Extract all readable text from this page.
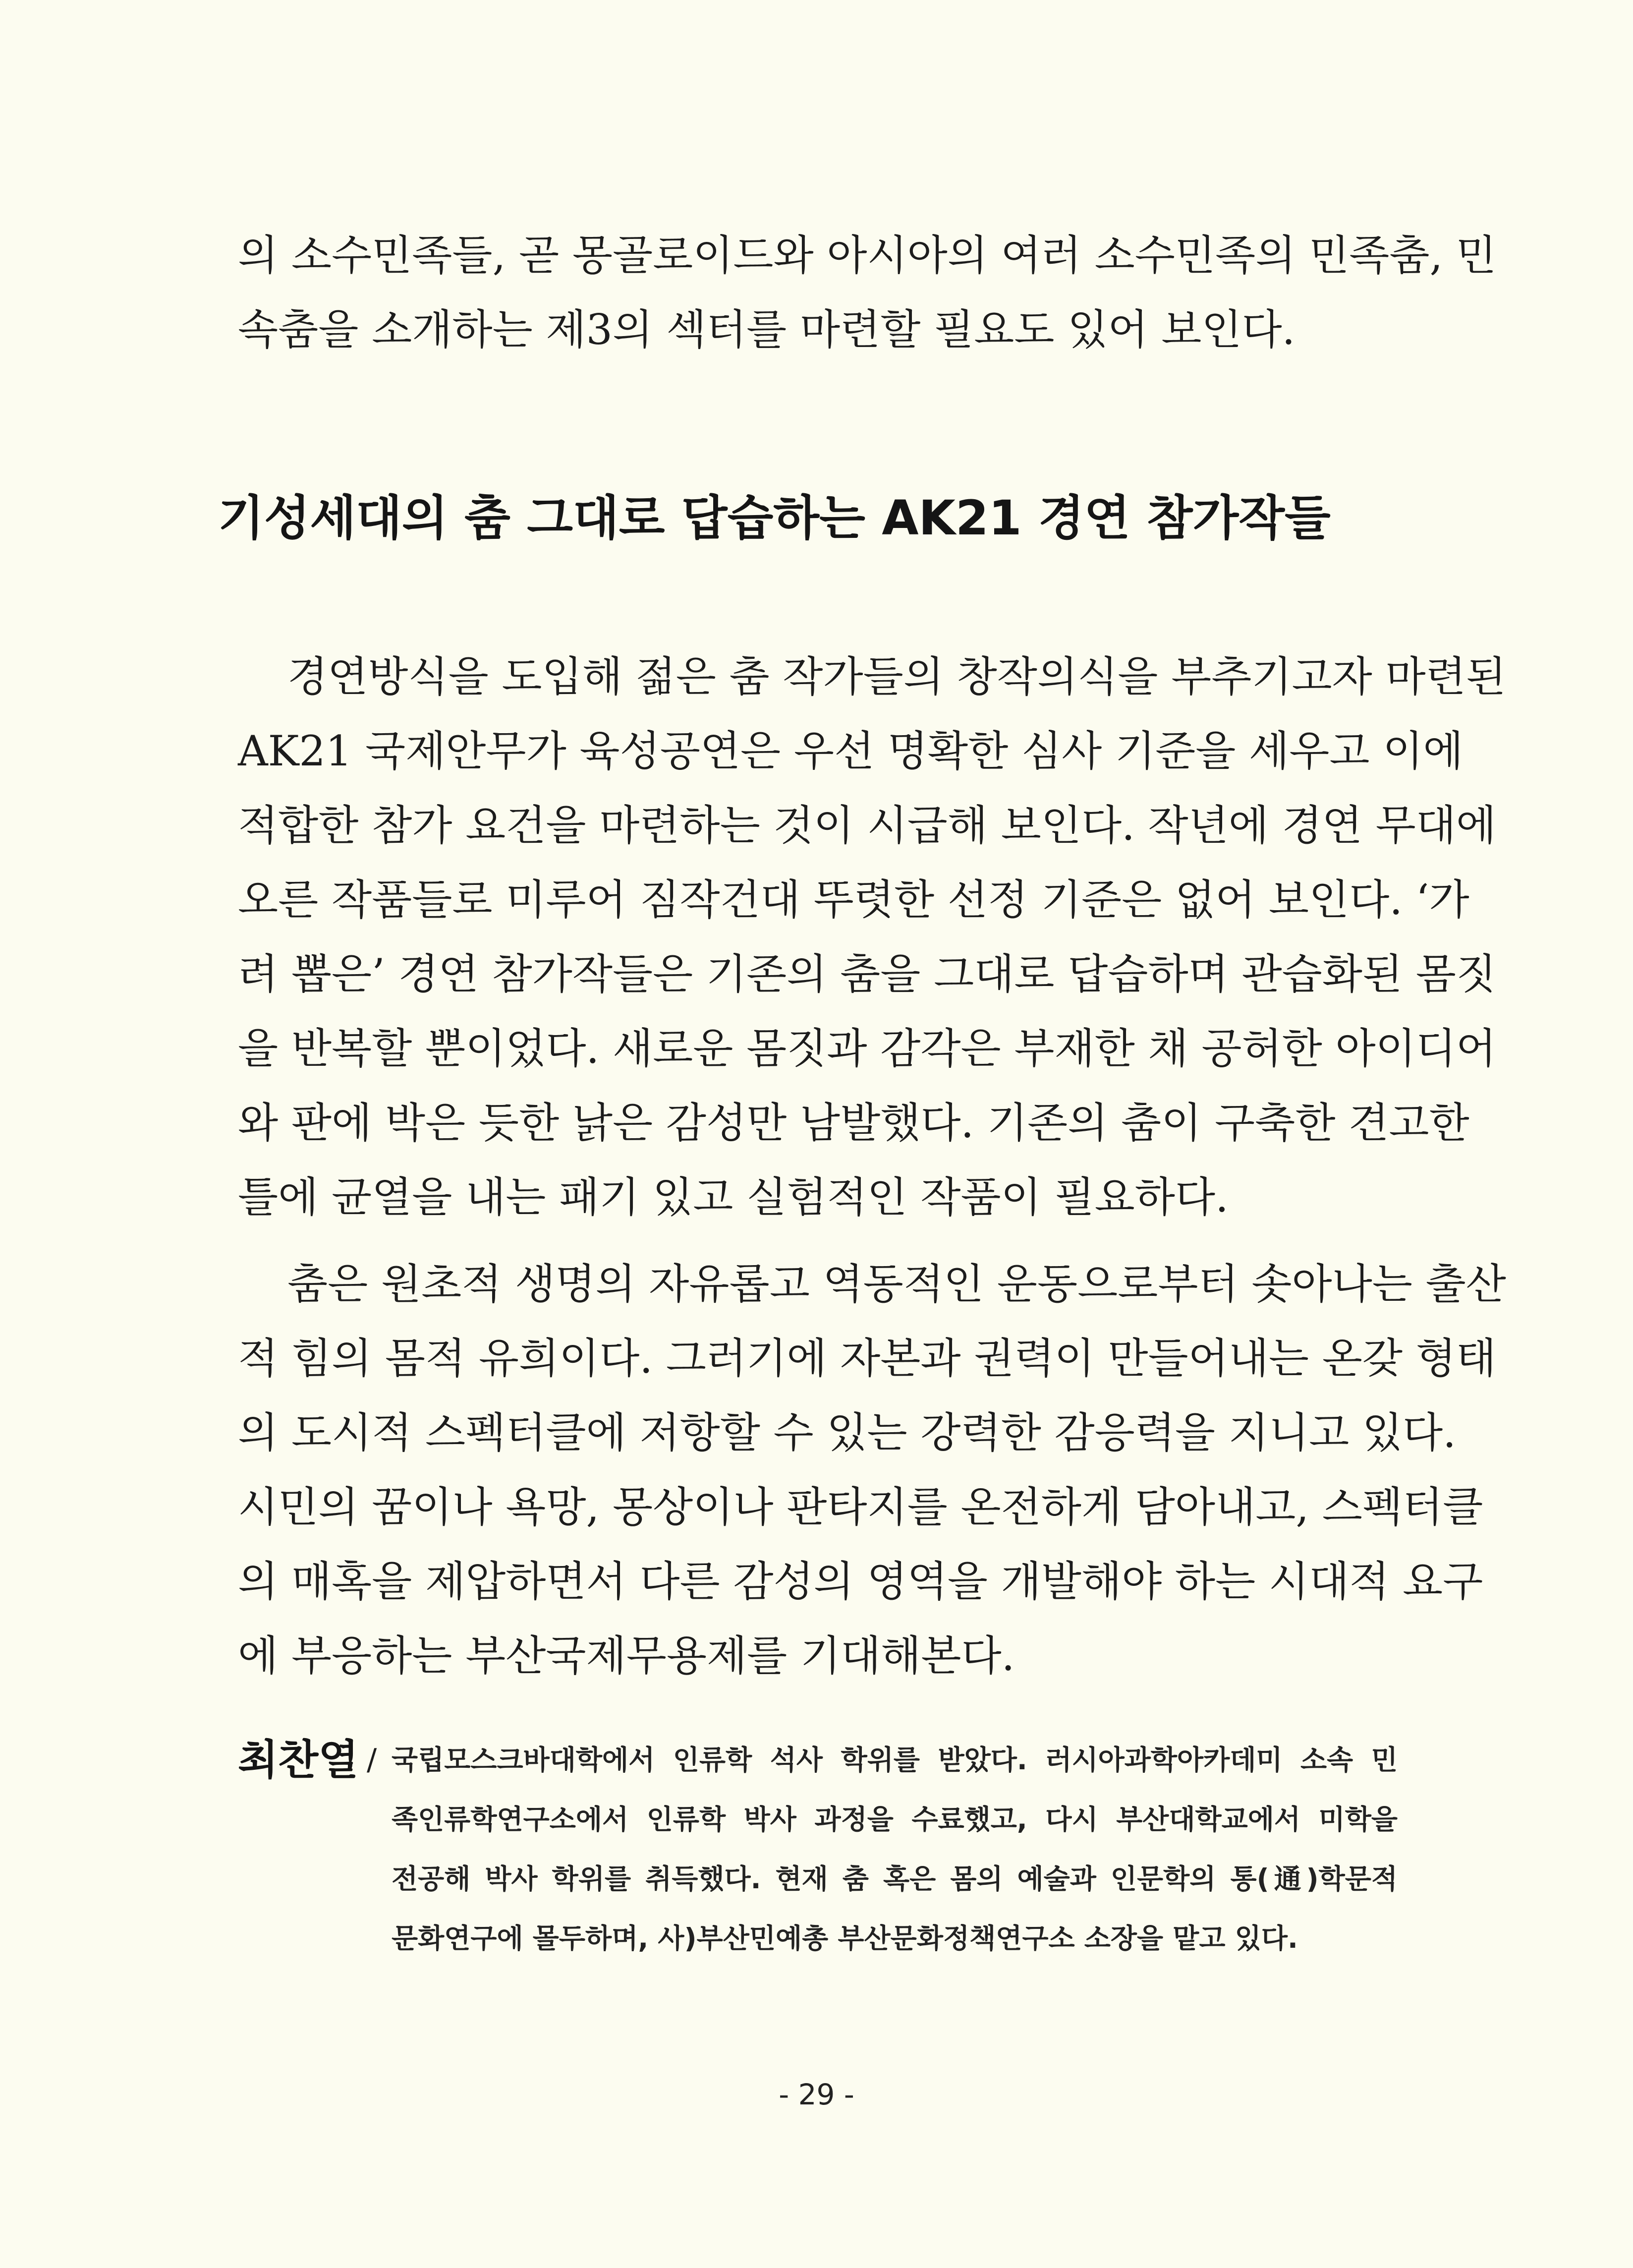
의 소수민족들, 곧 몽골로이드와 아시아의 여러 소수민족의 민족춤, 민
속춤을 소개하는 제3의 섹터를 마련할 필요도 있어 보인다.
기성세대의 춤 그대로 답습하는 AK21 경연 참가작들
경연방식을 도입해 젊은 춤 작가들의 창작의식을 부추기고자 마련된
AK21 국제안무가 육성공연은 우선 명확한 심사 기준을 세우고 이에
적합한 참가 요건을 마련하는 것이 시급해 보인다. 작년에 경연 무대에
오른 작품들로 미루어 짐작건대 뚜렷한 선정 기준은 없어 보인다. ‘가
려 뽑은’ 경연 참가작들은 기존의 춤을 그대로 답습하며 관습화된 몸짓
을 반복할 뿐이었다. 새로운 몸짓과 감각은 부재한 채 공허한 아이디어
와 판에 박은 듯한 낡은 감성만 남발했다. 기존의 춤이 구축한 견고한
틀에 균열을 내는 패기 있고 실험적인 작품이 필요하다.
춤은 원초적 생명의 자유롭고 역동적인 운동으로부터 솟아나는 출산
적 힘의 몸적 유희이다. 그러기에 자본과 권력이 만들어내는 온갖 형태
의 도시적 스펙터클에 저항할 수 있는 강력한 감응력을 지니고 있다.
시민의 꿈이나 욕망, 몽상이나 판타지를 온전하게 담아내고, 스펙터클
의 매혹을 제압하면서 다른 감성의 영역을 개발해야 하는 시대적 요구
에 부응하는 부산국제무용제를 기대해본다.
최찬열 / 국립모스크바대학에서 인류학 석사 학위를 받았다. 러시아과학아카데미 소속 민
족인류학연구소에서 인류학 박사 과정을 수료했고, 다시 부산대학교에서 미학을
전공해 박사 학위를 취득했다. 현재 춤 혹은 몸의 예술과 인문학의 통(通)학문적
문화연구에 몰두하며, 사)부산민예총 부산문화정책연구소 소장을 맡고 있다.
- 29 -
